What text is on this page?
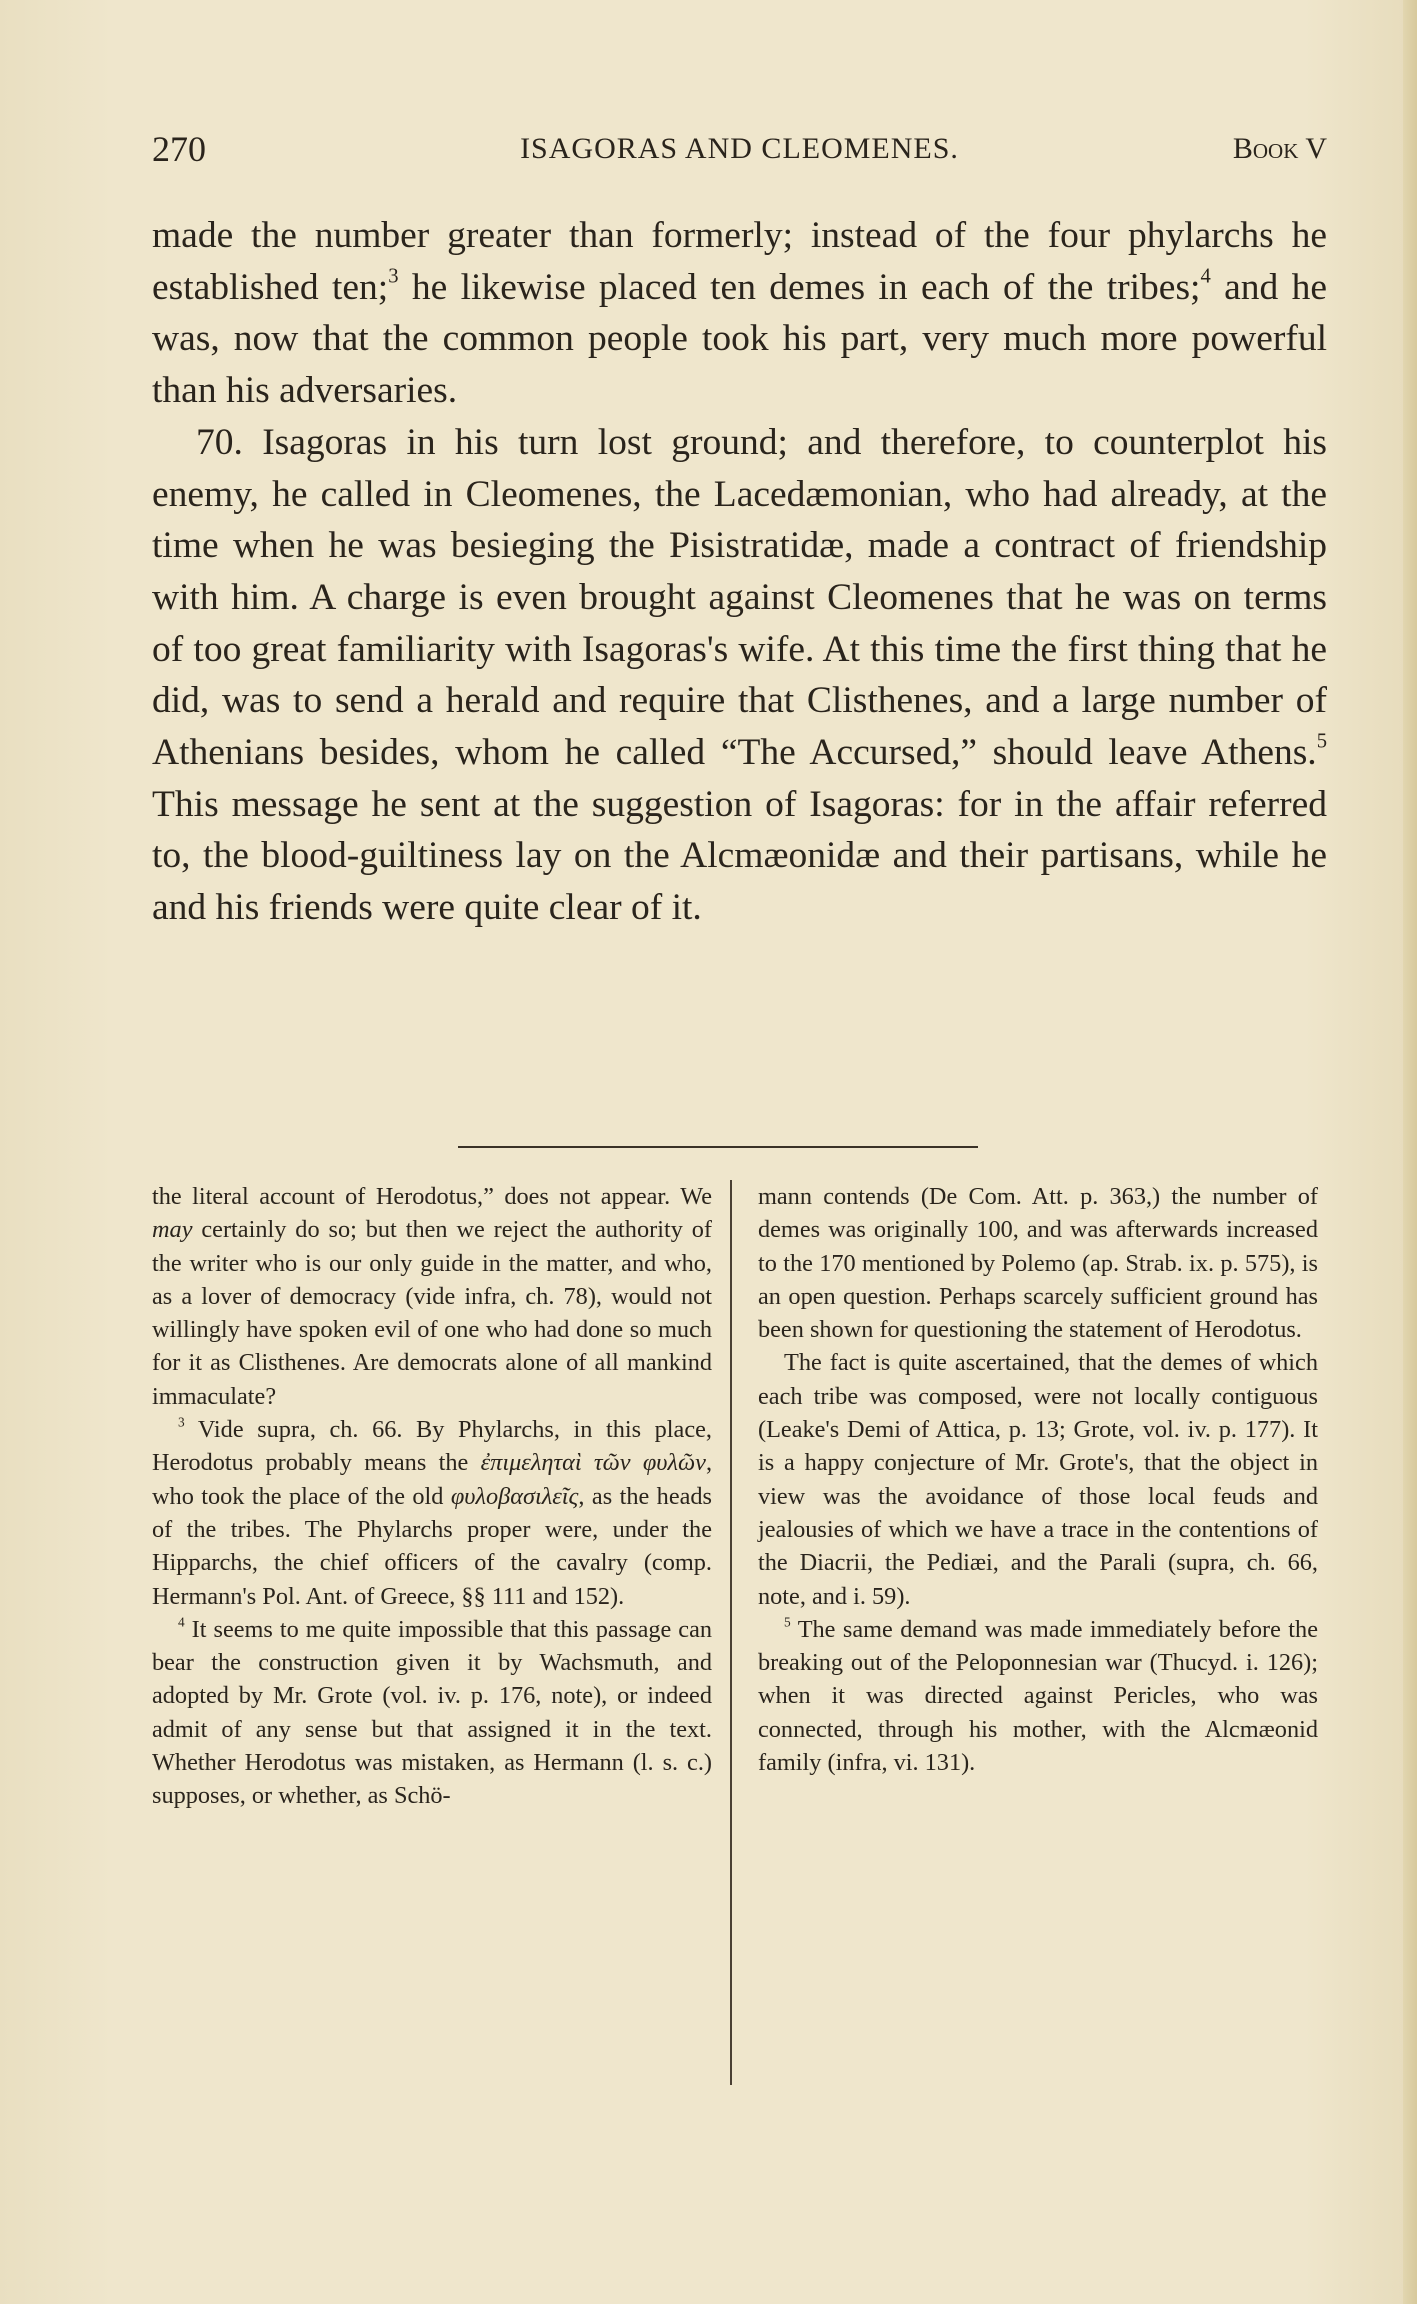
270	ISAGORAS AND CLEOMENES.	Book V

made the number greater than formerly; instead of the four phylarchs he established ten;$^3$ he likewise placed ten demes in each of the tribes;$^4$ and he was, now that the common people took his part, very much more powerful than his adversaries.

70. Isagoras in his turn lost ground; and therefore, to counterplot his enemy, he called in Cleomenes, the Lacedæmonian, who had already, at the time when he was besieging the Pisistratidæ, made a contract of friendship with him. A charge is even brought against Cleomenes that he was on terms of too great familiarity with Isagoras's wife. At this time the first thing that he did, was to send a herald and require that Clisthenes, and a large number of Athenians besides, whom he called “The Accursed,” should leave Athens.$^5$ This message he sent at the suggestion of Isagoras: for in the affair referred to, the blood-guiltiness lay on the Alcmæonidæ and their partisans, while he and his friends were quite clear of it.

the literal account of Herodotus,” does not appear. We may certainly do so; but then we reject the authority of the writer who is our only guide in the matter, and who, as a lover of democracy (vide infra, ch. 78), would not willingly have spoken evil of one who had done so much for it as Clisthenes. Are democrats alone of all mankind immaculate?

$^3$ Vide supra, ch. 66. By Phylarchs, in this place, Herodotus probably means the ἐπιμεληταὶ τῶν φυλῶν, who took the place of the old φυλοβασιλεῖς, as the heads of the tribes. The Phylarchs proper were, under the Hipparchs, the chief officers of the cavalry (comp. Hermann's Pol. Ant. of Greece, §§ 111 and 152).

$^4$ It seems to me quite impossible that this passage can bear the construction given it by Wachsmuth, and adopted by Mr. Grote (vol. iv. p. 176, note), or indeed admit of any sense but that assigned it in the text. Whether Herodotus was mistaken, as Hermann (l. s. c.) supposes, or whether, as Schö-

mann contends (De Com. Att. p. 363,) the number of demes was originally 100, and was afterwards increased to the 170 mentioned by Polemo (ap. Strab. ix. p. 575), is an open question. Perhaps scarcely sufficient ground has been shown for questioning the statement of Herodotus.

The fact is quite ascertained, that the demes of which each tribe was composed, were not locally contiguous (Leake's Demi of Attica, p. 13; Grote, vol. iv. p. 177). It is a happy conjecture of Mr. Grote's, that the object in view was the avoidance of those local feuds and jealousies of which we have a trace in the contentions of the Diacrii, the Pediæi, and the Parali (supra, ch. 66, note, and i. 59).

$^5$ The same demand was made immediately before the breaking out of the Peloponnesian war (Thucyd. i. 126); when it was directed against Pericles, who was connected, through his mother, with the Alcmæonid family (infra, vi. 131).
